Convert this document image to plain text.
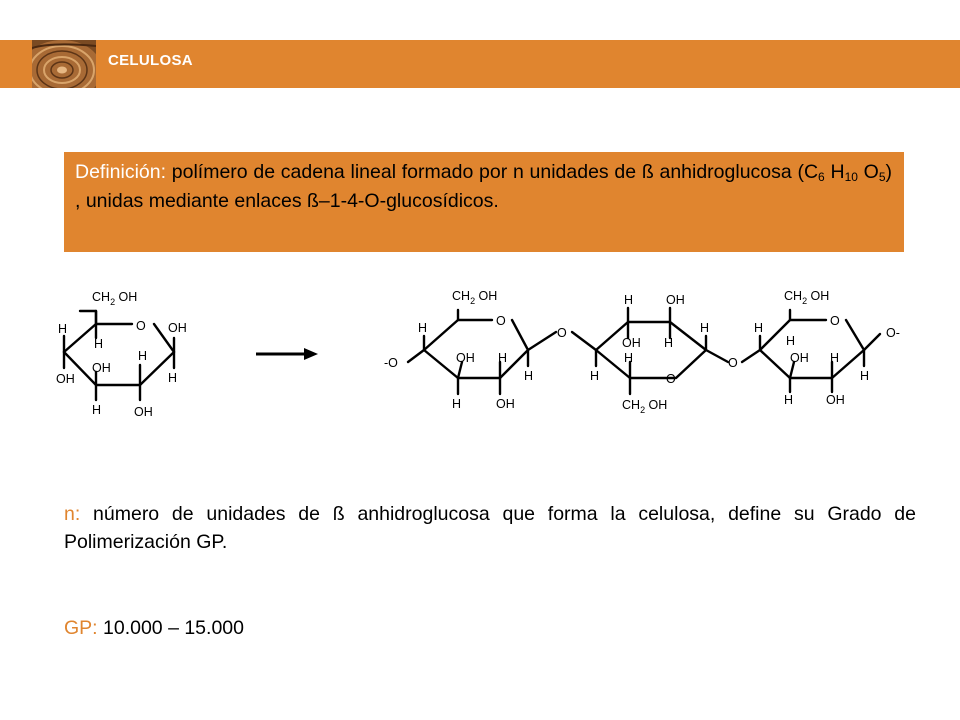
CELULOSA

Definición: polímero de cadena lineal formado por n unidades de ß anhidroglucosa ($C_6$ $H_{10}$ $O_5$) , unidas mediante enlaces ß–1-4-O-glucosídicos.

$CH_2$ OH
O OH
H
H
H
OH
OH
H
H	OH
-O
$CH_2$ OH
H	O
OH H
H
H	OH
O
H	OH
OH H
H
H
H
O
$CH_2$ OH
O
$CH_2$ OH
H
H
O
OH H
H
H	OH
O-

n: número de unidades de ß anhidroglucosa que forma la celulosa, define su Grado de Polimerización GP.

GP: 10.000 – 15.000
